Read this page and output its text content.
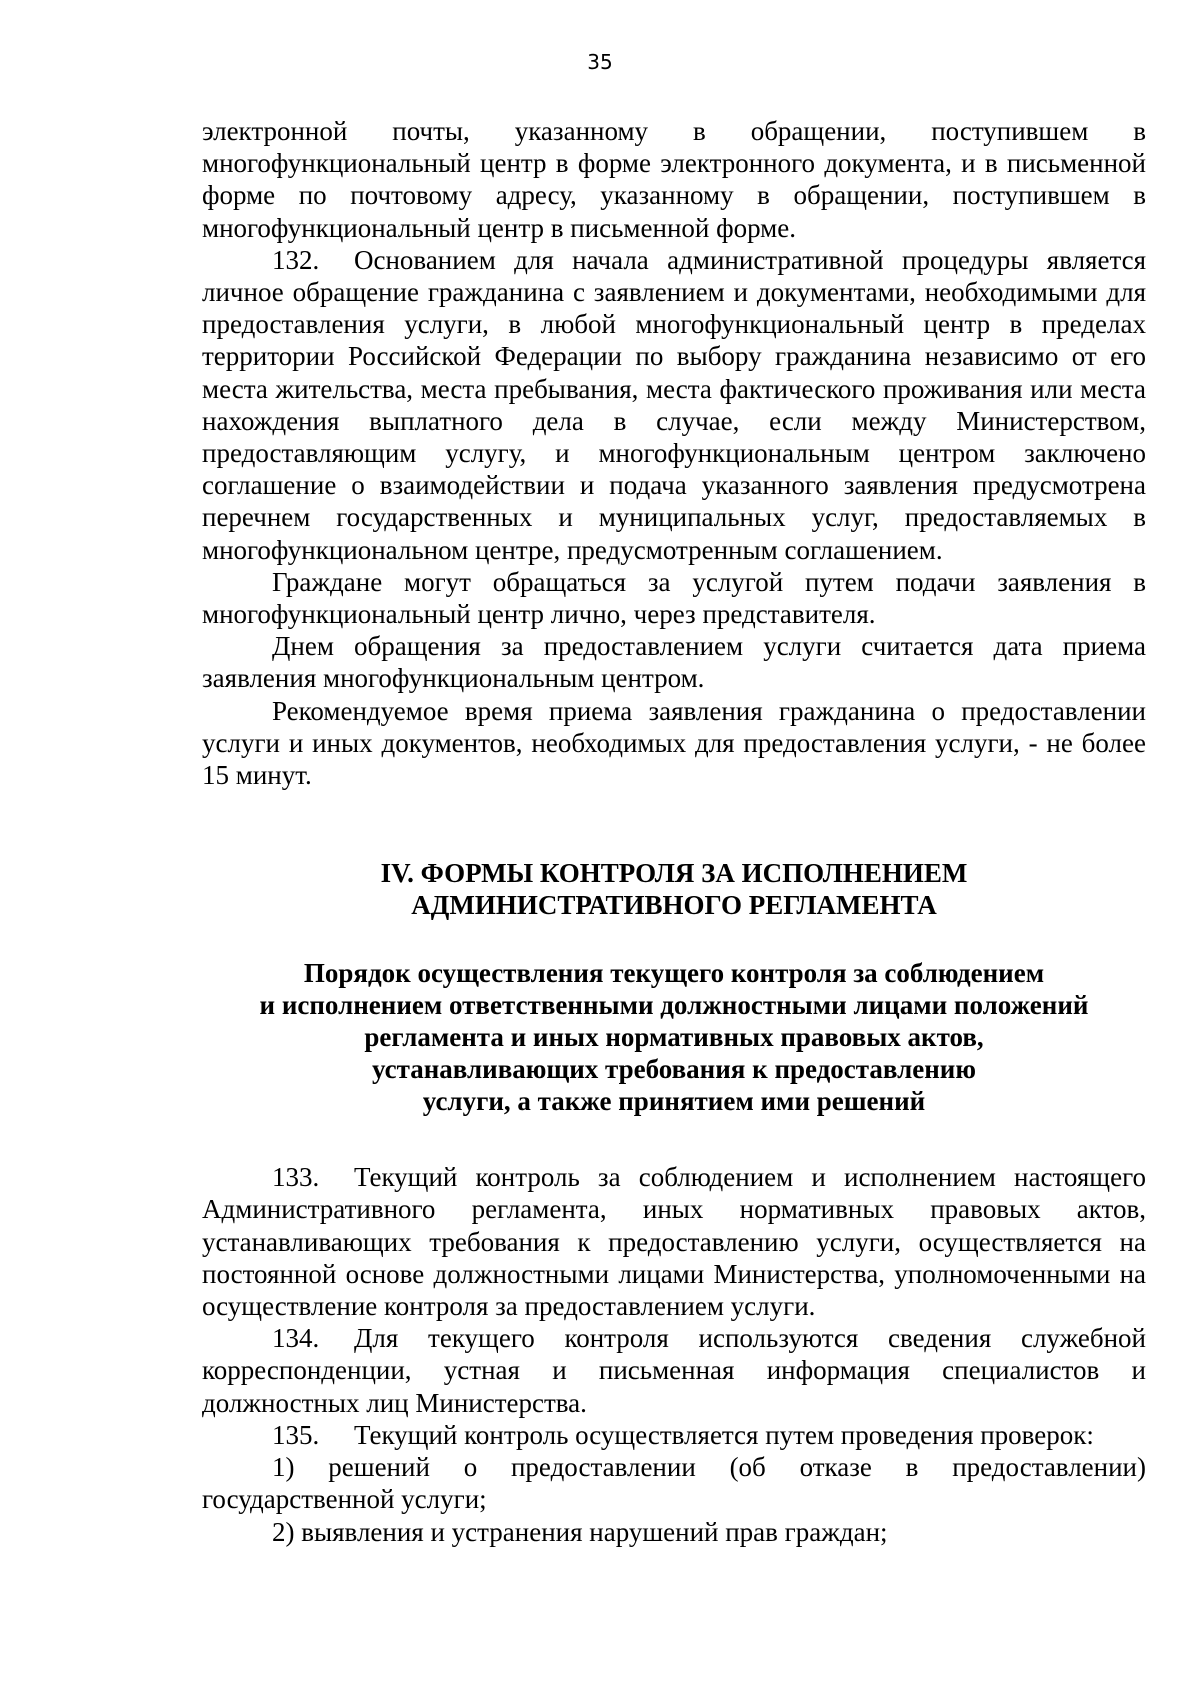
35

электронной почты, указанному в обращении, поступившем в многофункциональный центр в форме электронного документа, и в письменной форме по почтовому адресу, указанному в обращении, поступившем в многофункциональный центр в письменной форме.

132. Основанием для начала административной процедуры является личное обращение гражданина с заявлением и документами, необходимыми для предоставления услуги, в любой многофункциональный центр в пределах территории Российской Федерации по выбору гражданина независимо от его места жительства, места пребывания, места фактического проживания или места нахождения выплатного дела в случае, если между Министерством, предоставляющим услугу, и многофункциональным центром заключено соглашение о взаимодействии и подача указанного заявления предусмотрена перечнем государственных и муниципальных услуг, предоставляемых в многофункциональном центре, предусмотренным соглашением.

Граждане могут обращаться за услугой путем подачи заявления в многофункциональный центр лично, через представителя.

Днем обращения за предоставлением услуги считается дата приема заявления многофункциональным центром.

Рекомендуемое время приема заявления гражданина о предоставлении услуги и иных документов, необходимых для предоставления услуги, - не более 15 минут.

IV. ФОРМЫ КОНТРОЛЯ ЗА ИСПОЛНЕНИЕМ
АДМИНИСТРАТИВНОГО РЕГЛАМЕНТА
Порядок осуществления текущего контроля за соблюдением
и исполнением ответственными должностными лицами положений
регламента и иных нормативных правовых актов,
устанавливающих требования к предоставлению
услуги, а также принятием ими решений

133. Текущий контроль за соблюдением и исполнением настоящего Административного регламента, иных нормативных правовых актов, устанавливающих требования к предоставлению услуги, осуществляется на постоянной основе должностными лицами Министерства, уполномоченными на осуществление контроля за предоставлением услуги.

134. Для текущего контроля используются сведения служебной корреспонденции, устная и письменная информация специалистов и должностных лиц Министерства.

135. Текущий контроль осуществляется путем проведения проверок:

1) решений о предоставлении (об отказе в предоставлении) государственной услуги;

2) выявления и устранения нарушений прав граждан;
